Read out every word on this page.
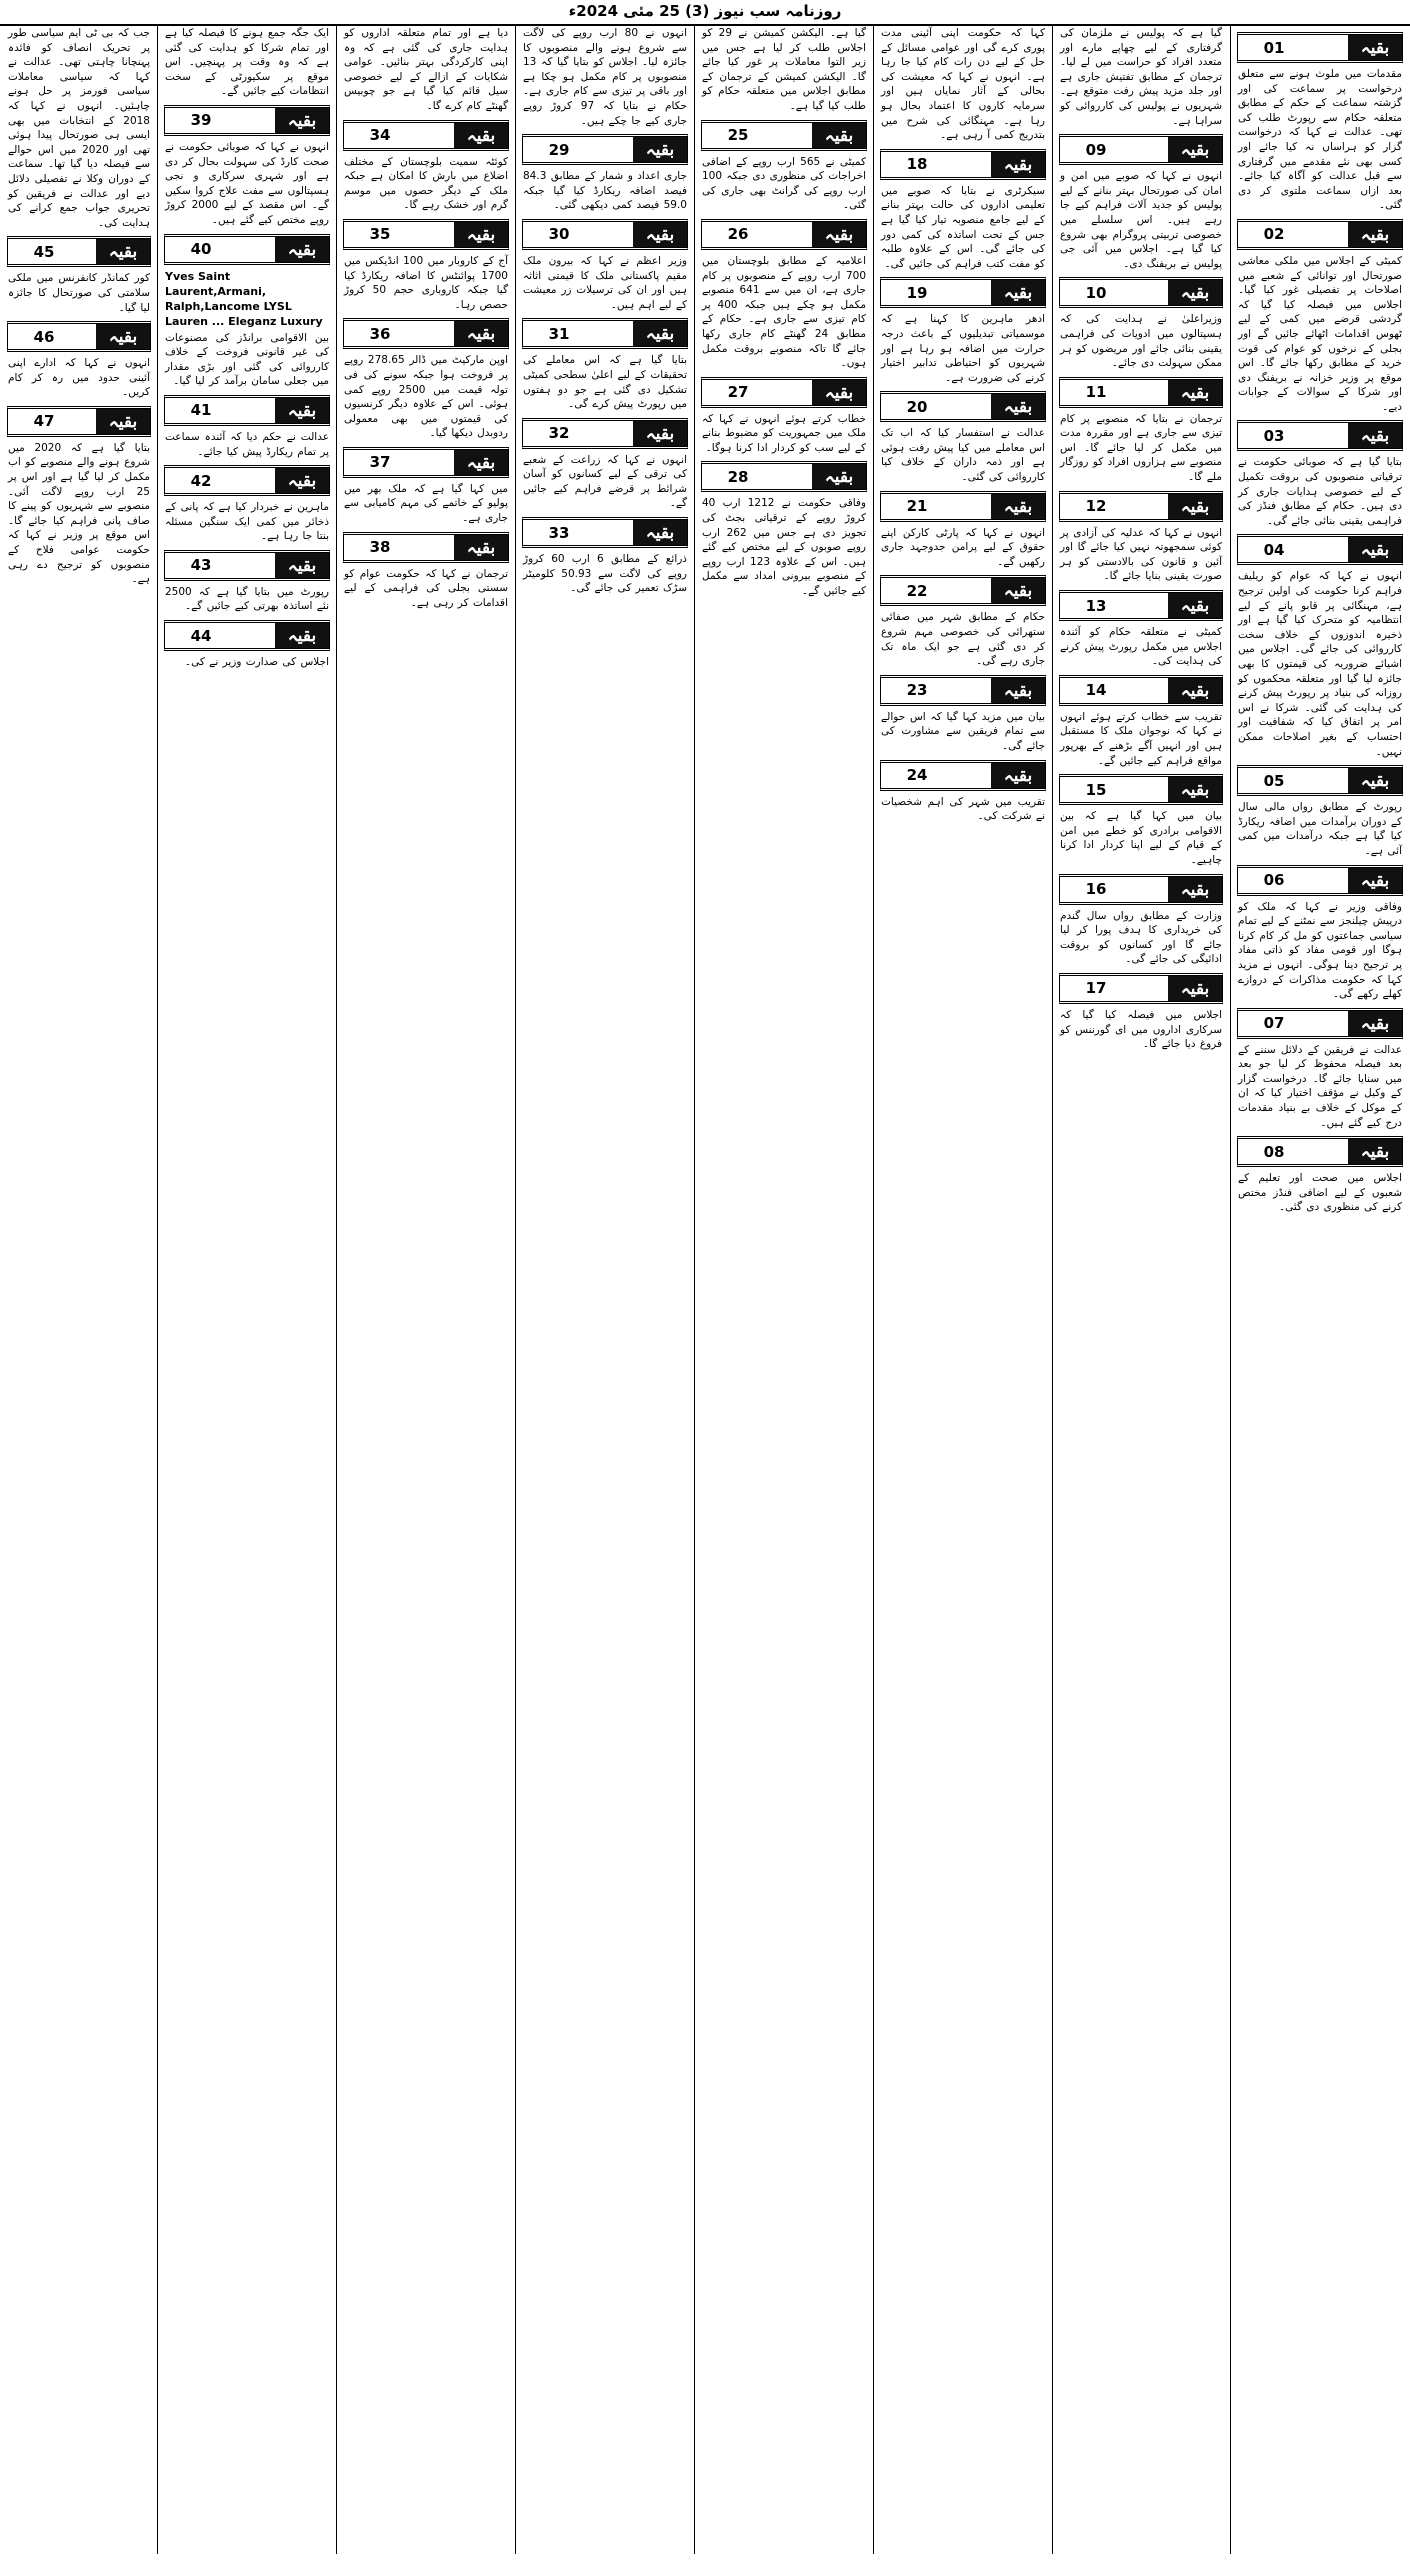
روزنامہ سب نیوز (3) 25 مئی 2024ء
01	بقیہ

مقدمات میں ملوث ہونے سے متعلق درخواست پر سماعت کی اور گزشتہ سماعت کے حکم کے مطابق متعلقہ حکام سے رپورٹ طلب کی تھی۔ عدالت نے کہا کہ درخواست گزار کو ہراساں نہ کیا جائے اور کسی بھی نئے مقدمے میں گرفتاری سے قبل عدالت کو آگاہ کیا جائے۔ بعد ازاں سماعت ملتوی کر دی گئی۔

02	بقیہ

کمیٹی کے اجلاس میں ملکی معاشی صورتحال اور توانائی کے شعبے میں اصلاحات پر تفصیلی غور کیا گیا۔ اجلاس میں فیصلہ کیا گیا کہ گردشی قرضے میں کمی کے لیے ٹھوس اقدامات اٹھائے جائیں گے اور بجلی کے نرخوں کو عوام کی قوت خرید کے مطابق رکھا جائے گا۔ اس موقع پر وزیر خزانہ نے بریفنگ دی اور شرکا کے سوالات کے جوابات دیے۔

03	بقیہ

بتایا گیا ہے کہ صوبائی حکومت نے ترقیاتی منصوبوں کی بروقت تکمیل کے لیے خصوصی ہدایات جاری کر دی ہیں۔ حکام کے مطابق فنڈز کی فراہمی یقینی بنائی جائے گی۔

04	بقیہ

انہوں نے کہا کہ عوام کو ریلیف فراہم کرنا حکومت کی اولین ترجیح ہے، مہنگائی پر قابو پانے کے لیے انتظامیہ کو متحرک کیا گیا ہے اور ذخیرہ اندوزوں کے خلاف سخت کارروائی کی جائے گی۔ اجلاس میں اشیائے ضروریہ کی قیمتوں کا بھی جائزہ لیا گیا اور متعلقہ محکموں کو روزانہ کی بنیاد پر رپورٹ پیش کرنے کی ہدایت کی گئی۔ شرکا نے اس امر پر اتفاق کیا کہ شفافیت اور احتساب کے بغیر اصلاحات ممکن نہیں۔

05	بقیہ

رپورٹ کے مطابق رواں مالی سال کے دوران برآمدات میں اضافہ ریکارڈ کیا گیا ہے جبکہ درآمدات میں کمی آئی ہے۔

06	بقیہ

وفاقی وزیر نے کہا کہ ملک کو درپیش چیلنجز سے نمٹنے کے لیے تمام سیاسی جماعتوں کو مل کر کام کرنا ہوگا اور قومی مفاد کو ذاتی مفاد پر ترجیح دینا ہوگی۔ انہوں نے مزید کہا کہ حکومت مذاکرات کے دروازے کھلے رکھے گی۔

07	بقیہ

عدالت نے فریقین کے دلائل سننے کے بعد فیصلہ محفوظ کر لیا جو بعد میں سنایا جائے گا۔ درخواست گزار کے وکیل نے مؤقف اختیار کیا کہ ان کے موکل کے خلاف بے بنیاد مقدمات درج کیے گئے ہیں۔

08	بقیہ

اجلاس میں صحت اور تعلیم کے شعبوں کے لیے اضافی فنڈز مختص کرنے کی منظوری دی گئی۔

گیا ہے کہ پولیس نے ملزمان کی گرفتاری کے لیے چھاپے مارے اور متعدد افراد کو حراست میں لے لیا۔ ترجمان کے مطابق تفتیش جاری ہے اور جلد مزید پیش رفت متوقع ہے۔ شہریوں نے پولیس کی کارروائی کو سراہا ہے۔

09	بقیہ

انہوں نے کہا کہ صوبے میں امن و امان کی صورتحال بہتر بنانے کے لیے پولیس کو جدید آلات فراہم کیے جا رہے ہیں۔ اس سلسلے میں خصوصی تربیتی پروگرام بھی شروع کیا گیا ہے۔ اجلاس میں آئی جی پولیس نے بریفنگ دی۔

10	بقیہ

وزیراعلیٰ نے ہدایت کی کہ ہسپتالوں میں ادویات کی فراہمی یقینی بنائی جائے اور مریضوں کو ہر ممکن سہولت دی جائے۔

11	بقیہ

ترجمان نے بتایا کہ منصوبے پر کام تیزی سے جاری ہے اور مقررہ مدت میں مکمل کر لیا جائے گا۔ اس منصوبے سے ہزاروں افراد کو روزگار ملے گا۔

12	بقیہ

انہوں نے کہا کہ عدلیہ کی آزادی پر کوئی سمجھوتہ نہیں کیا جائے گا اور آئین و قانون کی بالادستی کو ہر صورت یقینی بنایا جائے گا۔

13	بقیہ

کمیٹی نے متعلقہ حکام کو آئندہ اجلاس میں مکمل رپورٹ پیش کرنے کی ہدایت کی۔

14	بقیہ

تقریب سے خطاب کرتے ہوئے انہوں نے کہا کہ نوجوان ملک کا مستقبل ہیں اور انہیں آگے بڑھنے کے بھرپور مواقع فراہم کیے جائیں گے۔

15	بقیہ

بیان میں کہا گیا ہے کہ بین الاقوامی برادری کو خطے میں امن کے قیام کے لیے اپنا کردار ادا کرنا چاہیے۔

16	بقیہ

وزارت کے مطابق رواں سال گندم کی خریداری کا ہدف پورا کر لیا جائے گا اور کسانوں کو بروقت ادائیگی کی جائے گی۔

17	بقیہ

اجلاس میں فیصلہ کیا گیا کہ سرکاری اداروں میں ای گورننس کو فروغ دیا جائے گا۔

کہا کہ حکومت اپنی آئینی مدت پوری کرے گی اور عوامی مسائل کے حل کے لیے دن رات کام کیا جا رہا ہے۔ انہوں نے کہا کہ معیشت کی بحالی کے آثار نمایاں ہیں اور سرمایہ کاروں کا اعتماد بحال ہو رہا ہے۔ مہنگائی کی شرح میں بتدریج کمی آ رہی ہے۔

18	بقیہ

سیکرٹری نے بتایا کہ صوبے میں تعلیمی اداروں کی حالت بہتر بنانے کے لیے جامع منصوبہ تیار کیا گیا ہے جس کے تحت اساتذہ کی کمی دور کی جائے گی۔ اس کے علاوہ طلبہ کو مفت کتب فراہم کی جائیں گی۔

19	بقیہ

ادھر ماہرین کا کہنا ہے کہ موسمیاتی تبدیلیوں کے باعث درجہ حرارت میں اضافہ ہو رہا ہے اور شہریوں کو احتیاطی تدابیر اختیار کرنے کی ضرورت ہے۔

20	بقیہ

عدالت نے استفسار کیا کہ اب تک اس معاملے میں کیا پیش رفت ہوئی ہے اور ذمہ داران کے خلاف کیا کارروائی کی گئی۔

21	بقیہ

انہوں نے کہا کہ پارٹی کارکن اپنے حقوق کے لیے پرامن جدوجہد جاری رکھیں گے۔

22	بقیہ

حکام کے مطابق شہر میں صفائی ستھرائی کی خصوصی مہم شروع کر دی گئی ہے جو ایک ماہ تک جاری رہے گی۔

23	بقیہ

بیان میں مزید کہا گیا کہ اس حوالے سے تمام فریقین سے مشاورت کی جائے گی۔

24	بقیہ

تقریب میں شہر کی اہم شخصیات نے شرکت کی۔

گیا ہے۔ الیکشن کمیشن نے 29 کو اجلاس طلب کر لیا ہے جس میں زیر التوا معاملات پر غور کیا جائے گا۔ الیکشن کمیشن کے ترجمان کے مطابق اجلاس میں متعلقہ حکام کو طلب کیا گیا ہے۔

25	بقیہ

کمیٹی نے 565 ارب روپے کے اضافی اخراجات کی منظوری دی جبکہ 100 ارب روپے کی گرانٹ بھی جاری کی گئی۔

26	بقیہ

اعلامیہ کے مطابق بلوچستان میں 700 ارب روپے کے منصوبوں پر کام جاری ہے، ان میں سے 641 منصوبے مکمل ہو چکے ہیں جبکہ 400 پر کام تیزی سے جاری ہے۔ حکام کے مطابق 24 گھنٹے کام جاری رکھا جائے گا تاکہ منصوبے بروقت مکمل ہوں۔

27	بقیہ

خطاب کرتے ہوئے انہوں نے کہا کہ ملک میں جمہوریت کو مضبوط بنانے کے لیے سب کو کردار ادا کرنا ہوگا۔

28	بقیہ

وفاقی حکومت نے 1212 ارب 40 کروڑ روپے کے ترقیاتی بجٹ کی تجویز دی ہے جس میں 262 ارب روپے صوبوں کے لیے مختص کیے گئے ہیں۔ اس کے علاوہ 123 ارب روپے کے منصوبے بیرونی امداد سے مکمل کیے جائیں گے۔

انہوں نے 80 ارب روپے کی لاگت سے شروع ہونے والے منصوبوں کا جائزہ لیا۔ اجلاس کو بتایا گیا کہ 13 منصوبوں پر کام مکمل ہو چکا ہے اور باقی پر تیزی سے کام جاری ہے۔ حکام نے بتایا کہ 97 کروڑ روپے جاری کیے جا چکے ہیں۔

29	بقیہ

جاری اعداد و شمار کے مطابق 84.3 فیصد اضافہ ریکارڈ کیا گیا جبکہ 59.0 فیصد کمی دیکھی گئی۔

30	بقیہ

وزیر اعظم نے کہا کہ بیرون ملک مقیم پاکستانی ملک کا قیمتی اثاثہ ہیں اور ان کی ترسیلات زر معیشت کے لیے اہم ہیں۔

31	بقیہ

بتایا گیا ہے کہ اس معاملے کی تحقیقات کے لیے اعلیٰ سطحی کمیٹی تشکیل دی گئی ہے جو دو ہفتوں میں رپورٹ پیش کرے گی۔

32	بقیہ

انہوں نے کہا کہ زراعت کے شعبے کی ترقی کے لیے کسانوں کو آسان شرائط پر قرضے فراہم کیے جائیں گے۔

33	بقیہ

ذرائع کے مطابق 6 ارب 60 کروڑ روپے کی لاگت سے 50.93 کلومیٹر سڑک تعمیر کی جائے گی۔

دیا ہے اور تمام متعلقہ اداروں کو ہدایت جاری کی گئی ہے کہ وہ اپنی کارکردگی بہتر بنائیں۔ عوامی شکایات کے ازالے کے لیے خصوصی سیل قائم کیا گیا ہے جو چوبیس گھنٹے کام کرے گا۔

34	بقیہ

کوئٹہ سمیت بلوچستان کے مختلف اضلاع میں بارش کا امکان ہے جبکہ ملک کے دیگر حصوں میں موسم گرم اور خشک رہے گا۔

35	بقیہ

آج کے کاروبار میں 100 انڈیکس میں 1700 پوائنٹس کا اضافہ ریکارڈ کیا گیا جبکہ کاروباری حجم 50 کروڑ حصص رہا۔

36	بقیہ

اوپن مارکیٹ میں ڈالر 278.65 روپے پر فروخت ہوا جبکہ سونے کی فی تولہ قیمت میں 2500 روپے کمی ہوئی۔ اس کے علاوہ دیگر کرنسیوں کی قیمتوں میں بھی معمولی ردوبدل دیکھا گیا۔

37	بقیہ

میں کہا گیا ہے کہ ملک بھر میں پولیو کے خاتمے کی مہم کامیابی سے جاری ہے۔

38	بقیہ

ترجمان نے کہا کہ حکومت عوام کو سستی بجلی کی فراہمی کے لیے اقدامات کر رہی ہے۔

ایک جگہ جمع ہونے کا فیصلہ کیا ہے اور تمام شرکا کو ہدایت کی گئی ہے کہ وہ وقت پر پہنچیں۔ اس موقع پر سکیورٹی کے سخت انتظامات کیے جائیں گے۔

39	بقیہ

انہوں نے کہا کہ صوبائی حکومت نے صحت کارڈ کی سہولت بحال کر دی ہے اور شہری سرکاری و نجی ہسپتالوں سے مفت علاج کروا سکیں گے۔ اس مقصد کے لیے 2000 کروڑ روپے مختص کیے گئے ہیں۔

40	بقیہ
Yves Saint Laurent,Armani, Ralph,Lancome LYSL Lauren ... Eleganz Luxury

بین الاقوامی برانڈز کی مصنوعات کی غیر قانونی فروخت کے خلاف کارروائی کی گئی اور بڑی مقدار میں جعلی سامان برآمد کر لیا گیا۔

41	بقیہ

عدالت نے حکم دیا کہ آئندہ سماعت پر تمام ریکارڈ پیش کیا جائے۔

42	بقیہ

ماہرین نے خبردار کیا ہے کہ پانی کے ذخائر میں کمی ایک سنگین مسئلہ بنتا جا رہا ہے۔

43	بقیہ

رپورٹ میں بتایا گیا ہے کہ 2500 نئے اساتذہ بھرتی کیے جائیں گے۔

44	بقیہ

اجلاس کی صدارت وزیر نے کی۔

جب کہ بی ٹی ایم سیاسی طور پر تحریک انصاف کو فائدہ پہنچانا چاہتی تھی۔ عدالت نے کہا کہ سیاسی معاملات سیاسی فورمز پر حل ہونے چاہئیں۔ انہوں نے کہا کہ 2018 کے انتخابات میں بھی ایسی ہی صورتحال پیدا ہوئی تھی اور 2020 میں اس حوالے سے فیصلہ دیا گیا تھا۔ سماعت کے دوران وکلا نے تفصیلی دلائل دیے اور عدالت نے فریقین کو تحریری جواب جمع کرانے کی ہدایت کی۔

45	بقیہ

کور کمانڈر کانفرنس میں ملکی سلامتی کی صورتحال کا جائزہ لیا گیا۔

46	بقیہ

انہوں نے کہا کہ ادارے اپنی آئینی حدود میں رہ کر کام کریں۔

47	بقیہ

بتایا گیا ہے کہ 2020 میں شروع ہونے والے منصوبے کو اب مکمل کر لیا گیا ہے اور اس پر 25 ارب روپے لاگت آئی۔ منصوبے سے شہریوں کو پینے کا صاف پانی فراہم کیا جائے گا۔ اس موقع پر وزیر نے کہا کہ حکومت عوامی فلاح کے منصوبوں کو ترجیح دے رہی ہے۔
